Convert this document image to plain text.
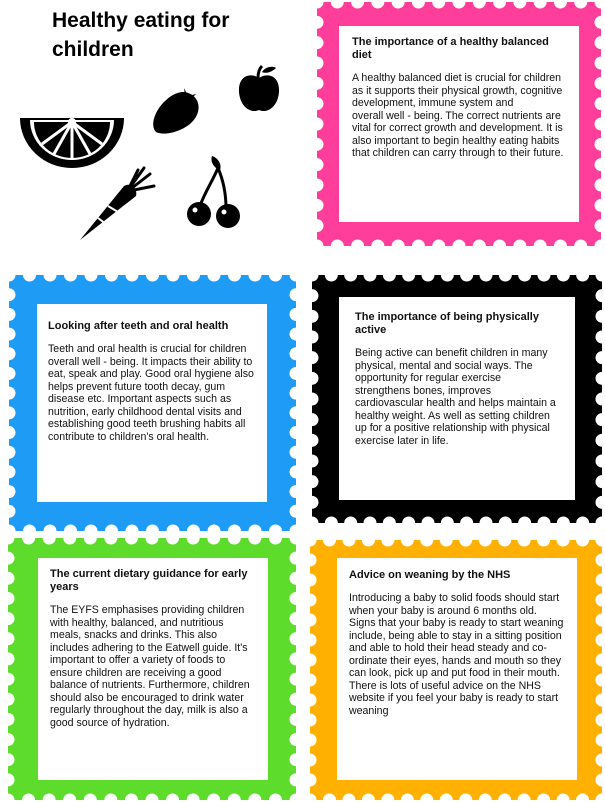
Healthy eating for
children	The importance of a healthy balanced diet

A healthy balanced diet is crucial for children as it supports their physical growth, cognitive development, immune system and
overall well - being. The correct nutrients are vital for correct growth and development. It is also important to begin healthy eating habits that children can carry through to their future.

Looking after teeth and oral health

Teeth and oral health is crucial for children overall well - being. It impacts their ability to eat, speak and play. Good oral hygiene also helps prevent future tooth decay, gum disease etc. Important aspects such as nutrition, early childhood dental visits and establishing good teeth brushing habits all contribute to children's oral health.

The importance of being physically active

Being active can benefit children in many physical, mental and social ways. The opportunity for regular exercise strengthens bones, improves cardiovascular health and helps maintain a healthy weight. As well as setting children up for a positive relationship with physical exercise later in life.

The current dietary guidance for early years

The EYFS emphasises providing children with healthy, balanced, and nutritious meals, snacks and drinks. This also includes adhering to the Eatwell guide. It's important to offer a variety of foods to ensure children are receiving a good balance of nutrients. Furthermore, children should also be encouraged to drink water regularly throughout the day, milk is also a good source of hydration.

Advice on weaning by the NHS

Introducing a baby to solid foods should start when your baby is around 6 months old. Signs that your baby is ready to start weaning include, being able to stay in a sitting position and able to hold their head steady and co-ordinate their eyes, hands and mouth so they can look, pick up and put food in their mouth. There is lots of useful advice on the NHS website if you feel your baby is ready to start weaning
